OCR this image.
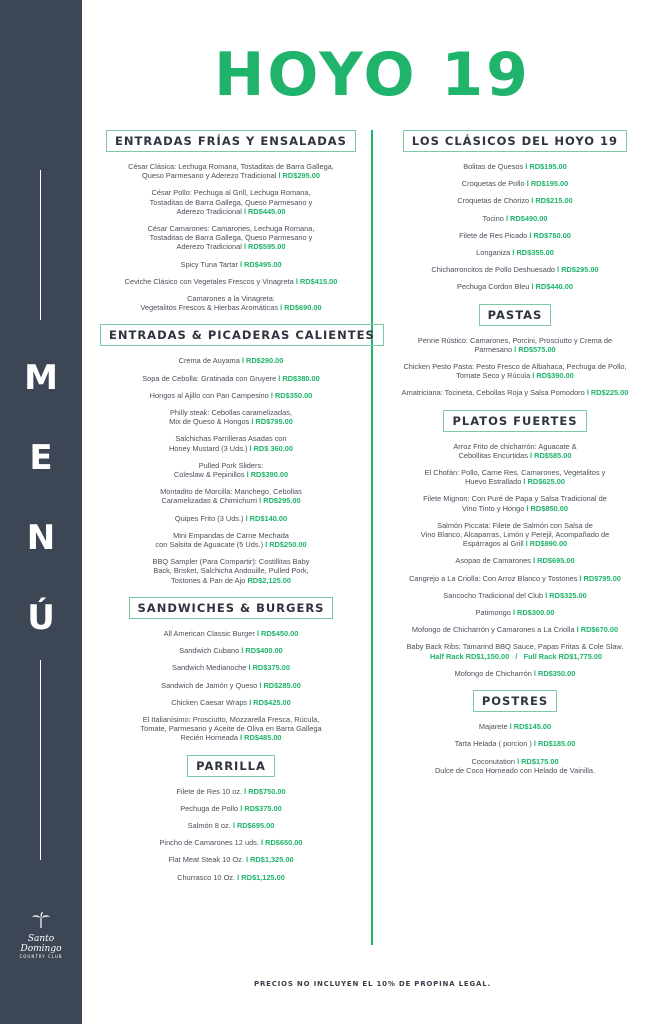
M
E
N
Ú
Santo Domingo
COUNTRY CLUB
HOYO 19
ENTRADAS FRÍAS Y ENSALADAS
César Clásica: Lechuga Romana, Tostaditas de Barra Gallega,
Queso Parmesano y Aderezo Tradicional l RD$295.00
César Pollo: Pechuga al Grill, Lechuga Romana,
Tostaditas de Barra Gallega, Queso Parmesano y
Aderezo Tradicional l RD$445.00
César Camarones: Camarones, Lechuga Romana,
Tostaditas de Barra Gallega, Queso Parmesano y
Aderezo Tradicional l RD$595.00
Spicy Tuna Tartar l RD$495.00
Ceviche Clásico con Vegetales Frescos y Vinagreta l RD$415.00
Camarones a la Vinagreta:
Vegetalitos Frescos & Hierbas Aromáticas l RD$690.00
ENTRADAS & PICADERAS CALIENTES
Crema de Auyama l RD$290.00
Sopa de Cebolla: Gratinada con Gruyere l RD$380.00
Hongos al Ajillo con Pan Campesino l RD$350.00
Philly steak: Cebollas caramelizadas,
Mix de Queso & Hongos l RD$795.00
Salchichas Parrilleras Asadas con
Honey Mustard (3 Uds.) l RD$ 360.00
Pulled Pork Sliders:
Coleslaw & Pepinillos l RD$390.00
Montadito de Morcilla: Manchego, Cebollas
Caramelizadas & Chimichurri l RD$295.00
Quipes Frito (3 Uds.) l RD$140.00
Mini Empandas de Carne Mechada
con Salsita de Aguacate (5 Uds.) l RD$250.00
BBQ Sampler (Para Compartir): Costillitas Baby
Back, Brisket, Salchicha Andouille, Pulled Pork,
Tostones & Pan de Ajo RD$2,125.00
SANDWICHES & BURGERS
All American Classic Burger l RD$450.00
Sandwich Cubano l RD$400.00
Sandwich Medianoche l RD$375.00
Sandwich de Jamón y Queso l RD$285.00
Chicken Caesar Wraps l RD$425.00
El Italianísimo: Prosciutto, Mozzarella Fresca, Rúcula,
Tomate, Parmesano y Aceite de Oliva en Barra Gallega
Recién Horneada l RD$485.00
PARRILLA
Filete de Res 10 oz. l RD$750.00
Pechuga de Pollo l RD$375.00
Salmón 8 oz. l RD$695.00
Pincho de Camarones 12 uds. l RD$650.00
Flat Meat Steak 10 Oz. l RD$1,325.00
Churrasco 10 Oz. l RD$1,125.00
LOS CLÁSICOS DEL HOYO 19
Bolitas de Quesos l RD$195.00
Croquetas de Pollo l RD$195.00
Croquetas de Chorizo l RD$215.00
Tocino l RD$490.00
Filete de Res Picado l RD$750.00
Longaniza l RD$355.00
Chicharroncitos de Pollo Deshuesado l RD$295.00
Pechuga Cordon Bleu l RD$440.00
PASTAS
Penne Rústico: Camarones, Porcini, Prosciutto y Crema de
Parmesano l RD$575.00
Chicken Pesto Pasta: Pesto Fresco de Albahaca, Pechuga de Pollo,
Tomate Seco y Rúcula l RD$390.00
Amatriciana: Tocineta, Cebollas Roja y Salsa Pomodoro l RD$225.00
PLATOS FUERTES
Arroz Frito de chicharrón: Aguacate &
Cebollitas Encurtidas l RD$585.00
El Chofán: Pollo, Carne Res, Camarones, Vegetalitos y
Huevo Estrallado l RD$625.00
Filete Mignon: Con Puré de Papa y Salsa Tradicional de
Vino Tinto y Hongo l RD$850.00
Salmón Piccata: Filete de Salmón con Salsa de
Vino Blanco, Alcaparras, Limón y Perejil, Acompañado de
Espárragos al Grill l RD$990.00
Asopao de Camarones l RD$695.00
Cangrejo a La Criolla: Con Arroz Blanco y Tostones l RD$795.00
Sancocho Tradicional del Club l RD$325.00
Patimongo l RD$300.00
Mofongo de Chicharrón y Camarones a La Criolla l RD$670.00
Baby Back Ribs: Tamarind BBQ Sauce, Papas Fritas & Cole Slaw.
Half Rack RD$1,150.00   /   Full Rack RD$1,775.00
Mofongo de Chicharrón l RD$350.00
POSTRES
Majarete l RD$145.00
Tarta Helada ( porcion ) l RD$185.00
Coconutation l RD$175.00
Dulce de Coco Horneado con Helado de Vainilla.
PRECIOS NO INCLUYEN EL 10% DE PROPINA LEGAL.
